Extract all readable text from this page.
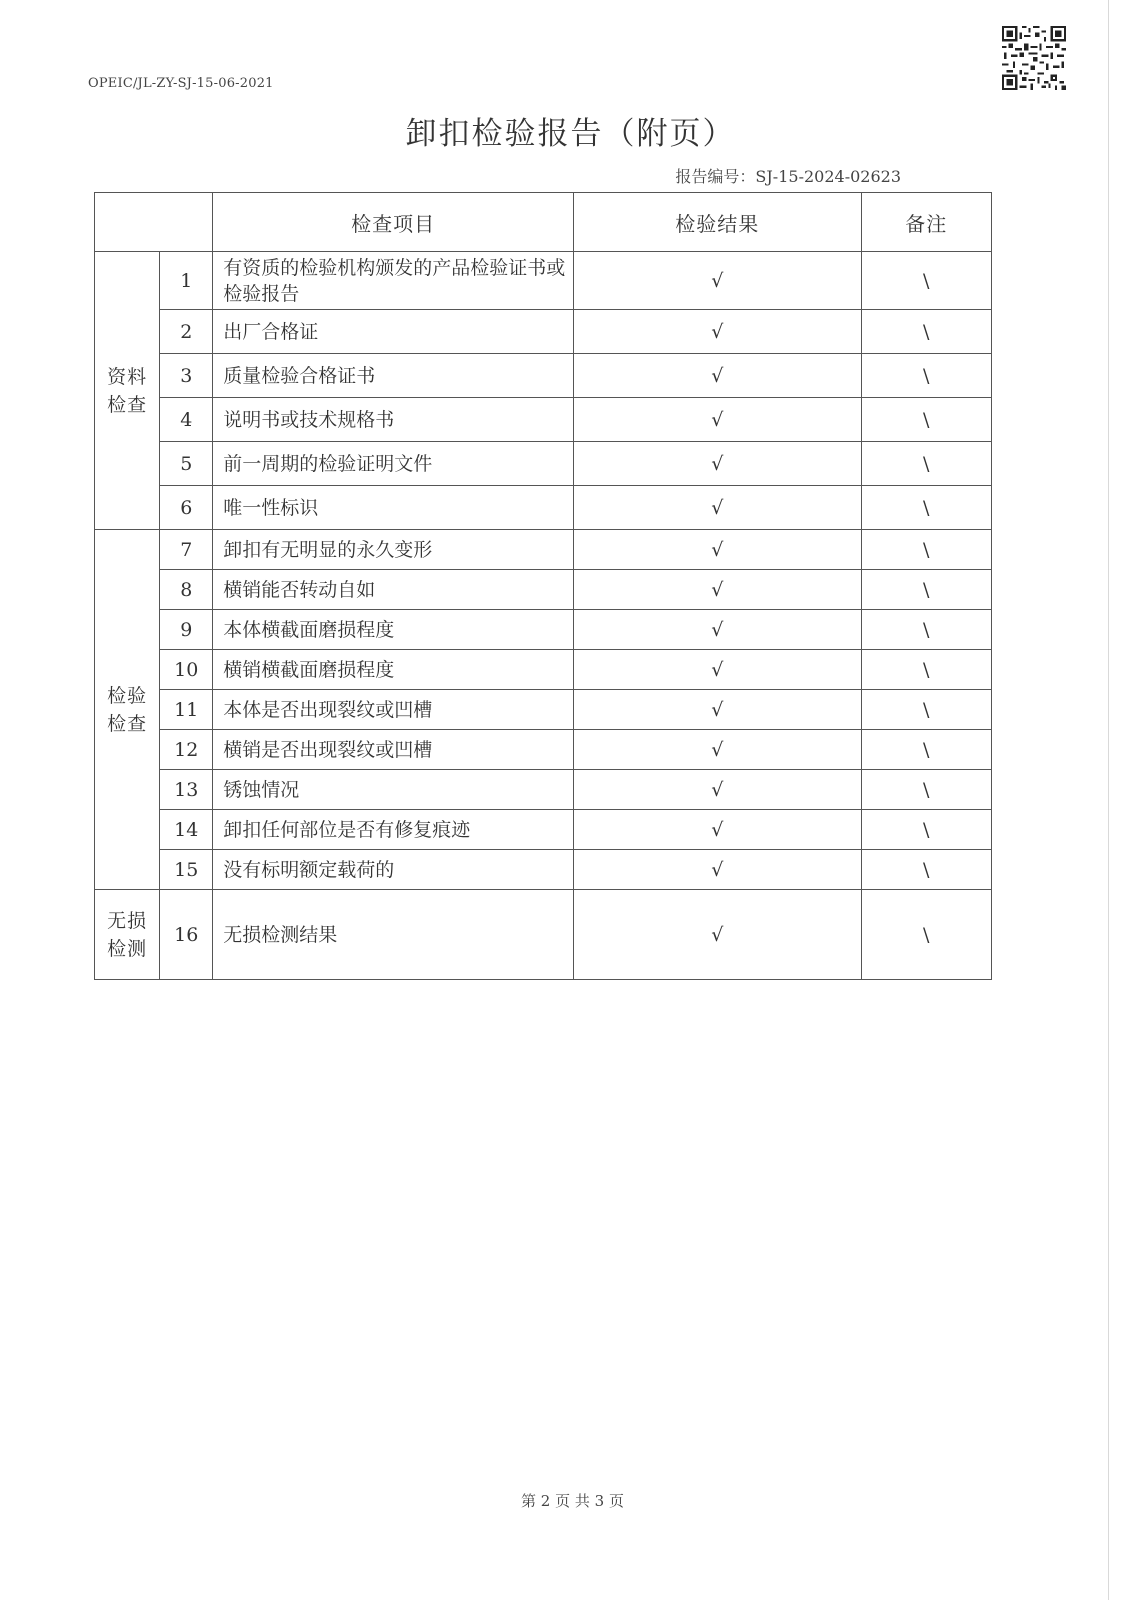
OPEIC/JL-ZY-SJ-15-06-2021
卸扣检验报告（附页）
报告编号：SJ-15-2024-02623
		检查项目	检验结果	备注
资料检查	1	有资质的检验机构颁发的产品检验证书或检验报告	√	\
	2	出厂合格证	√	\
	3	质量检验合格证书	√	\
	4	说明书或技术规格书	√	\
	5	前一周期的检验证明文件	√	\
	6	唯一性标识	√	\
检验检查	7	卸扣有无明显的永久变形	√	\
	8	横销能否转动自如	√	\
	9	本体横截面磨损程度	√	\
	10	横销横截面磨损程度	√	\
	11	本体是否出现裂纹或凹槽	√	\
	12	横销是否出现裂纹或凹槽	√	\
	13	锈蚀情况	√	\
	14	卸扣任何部位是否有修复痕迹	√	\
	15	没有标明额定载荷的	√	\
无损检测	16	无损检测结果	√	\
第 2 页 共 3 页
